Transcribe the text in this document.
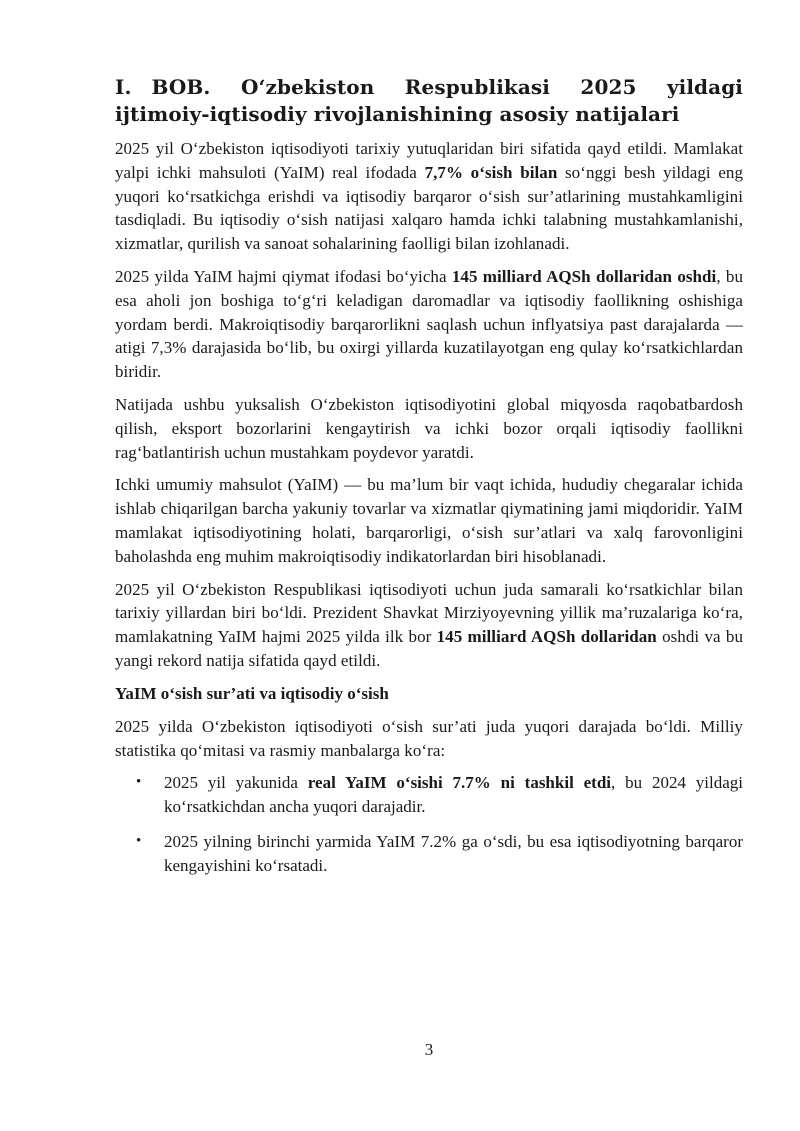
I. BOB. O‘zbekiston Respublikasi 2025 yildagi ijtimoiy-iqtisodiy rivojlanishining asosiy natijalari

2025 yil O‘zbekiston iqtisodiyoti tarixiy yutuqlaridan biri sifatida qayd etildi. Mamlakat yalpi ichki mahsuloti (YaIM) real ifodada 7,7% o‘sish bilan so‘nggi besh yildagi eng yuqori ko‘rsatkichga erishdi va iqtisodiy barqaror o‘sish sur’atlarining mustahkamligini tasdiqladi. Bu iqtisodiy o‘sish natijasi xalqaro hamda ichki talabning mustahkamlanishi, xizmatlar, qurilish va sanoat sohalarining faolligi bilan izohlanadi.

2025 yilda YaIM hajmi qiymat ifodasi bo‘yicha 145 milliard AQSh dollaridan oshdi, bu esa aholi jon boshiga to‘g‘ri keladigan daromadlar va iqtisodiy faollikning oshishiga yordam berdi. Makroiqtisodiy barqarorlikni saqlash uchun inflyatsiya past darajalarda — atigi 7,3% darajasida bo‘lib, bu oxirgi yillarda kuzatilayotgan eng qulay ko‘rsatkichlardan biridir.

Natijada ushbu yuksalish O‘zbekiston iqtisodiyotini global miqyosda raqobatbardosh qilish, eksport bozorlarini kengaytirish va ichki bozor orqali iqtisodiy faollikni rag‘batlantirish uchun mustahkam poydevor yaratdi.

Ichki umumiy mahsulot (YaIM) — bu ma’lum bir vaqt ichida, hududiy chegaralar ichida ishlab chiqarilgan barcha yakuniy tovarlar va xizmatlar qiymatining jami miqdoridir. YaIM mamlakat iqtisodiyotining holati, barqarorligi, o‘sish sur’atlari va xalq farovonligini baholashda eng muhim makroiqtisodiy indikatorlardan biri hisoblanadi.

2025 yil O‘zbekiston Respublikasi iqtisodiyoti uchun juda samarali ko‘rsatkichlar bilan tarixiy yillardan biri bo‘ldi. Prezident Shavkat Mirziyoyevning yillik ma’ruzalariga ko‘ra, mamlakatning YaIM hajmi 2025 yilda ilk bor 145 milliard AQSh dollaridan oshdi va bu yangi rekord natija sifatida qayd etildi.

YaIM o‘sish sur’ati va iqtisodiy o‘sish

2025 yilda O‘zbekiston iqtisodiyoti o‘sish sur’ati juda yuqori darajada bo‘ldi. Milliy statistika qo‘mitasi va rasmiy manbalarga ko‘ra:

• 2025 yil yakunida real YaIM o‘sishi 7.7% ni tashkil etdi, bu 2024 yildagi ko‘rsatkichdan ancha yuqori darajadir.
• 2025 yilning birinchi yarmida YaIM 7.2% ga o‘sdi, bu esa iqtisodiyotning barqaror kengayishini ko‘rsatadi.
3
